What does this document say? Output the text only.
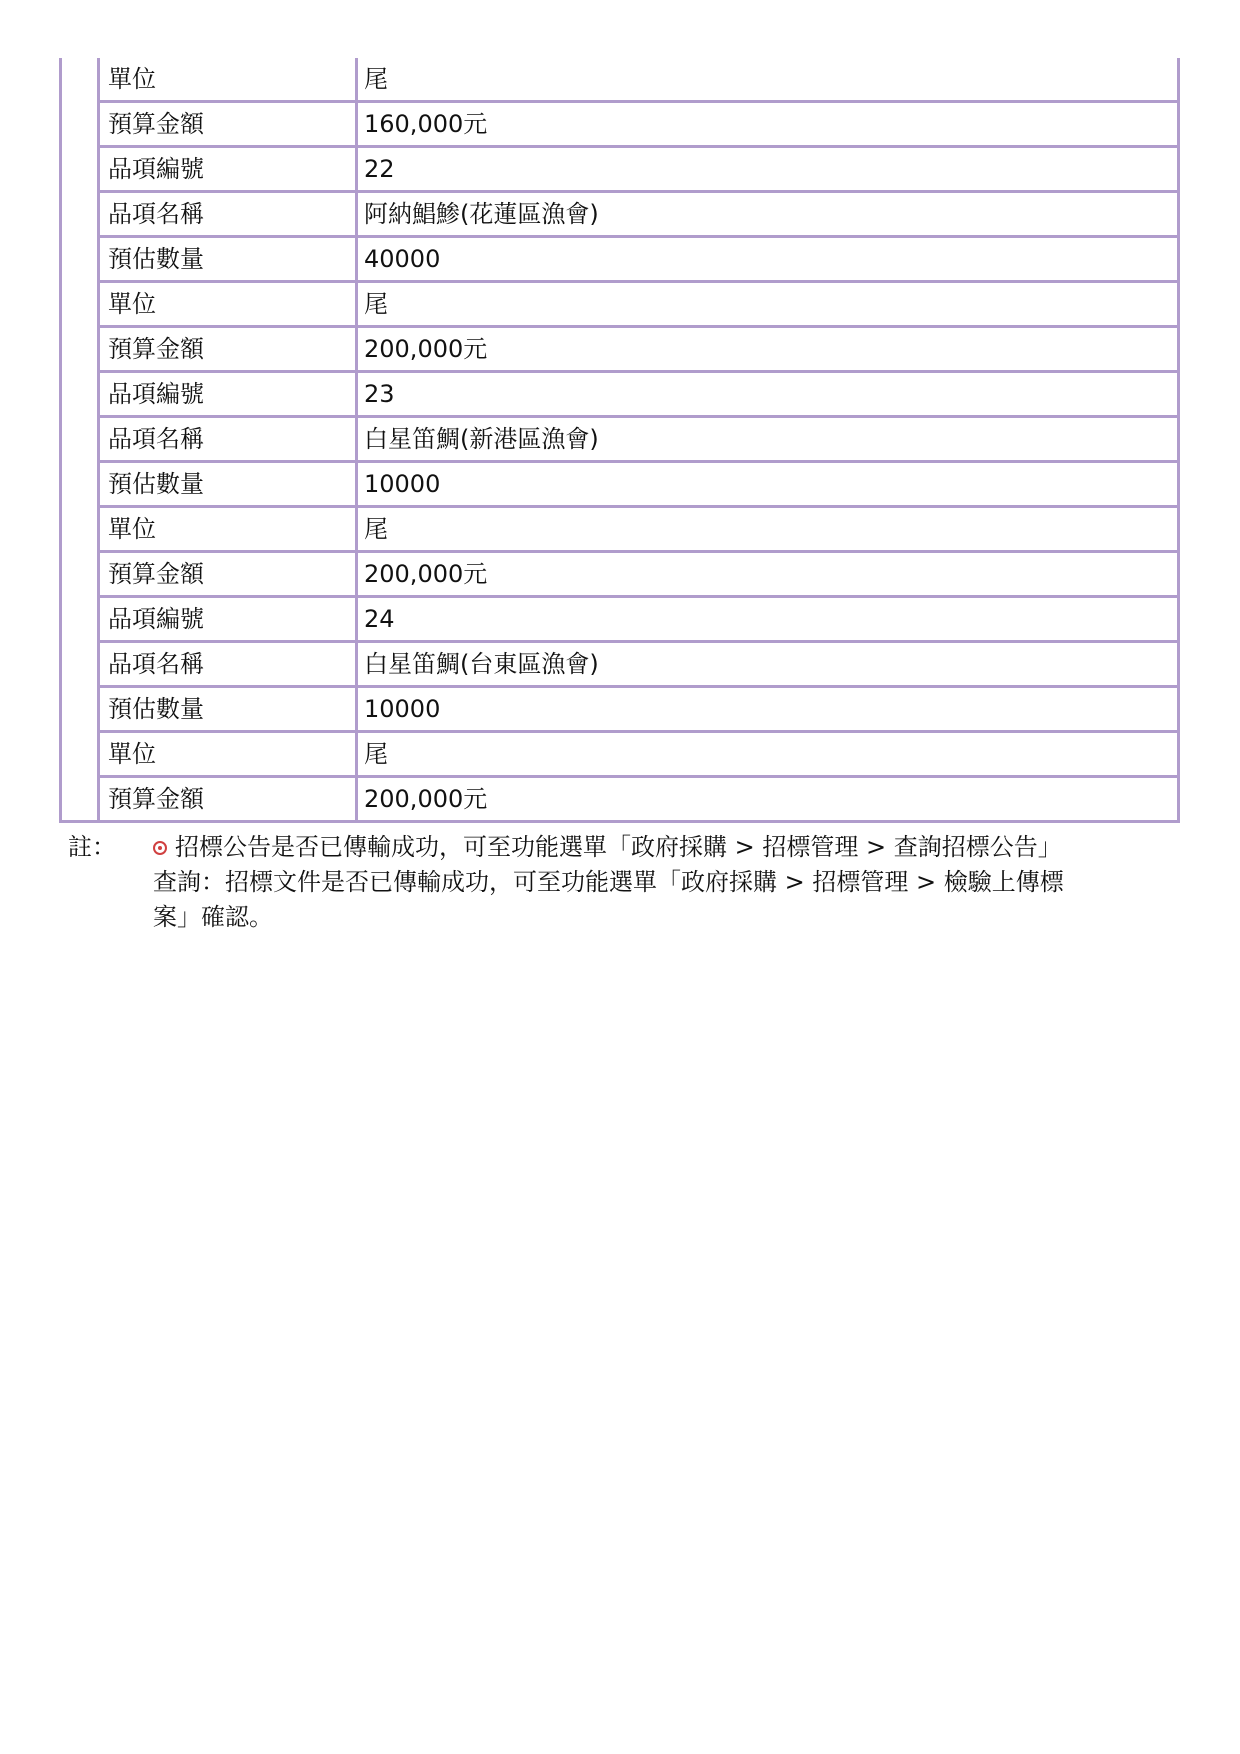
單位	尾
預算金額	160,000元
品項編號	22
品項名稱	阿納鯧鯵(花蓮區漁會)
預估數量	40000
單位	尾
預算金額	200,000元
品項編號	23
品項名稱	白星笛鯛(新港區漁會)
預估數量	10000
單位	尾
預算金額	200,000元
品項編號	24
品項名稱	白星笛鯛(台東區漁會)
預估數量	10000
單位	尾
預算金額	200,000元
註：	招標公告是否已傳輸成功，可至功能選單「政府採購 > 招標管理 > 查詢招標公告」
查詢：招標文件是否已傳輸成功，可至功能選單「政府採購 > 招標管理 > 檢驗上傳標
案」確認。
